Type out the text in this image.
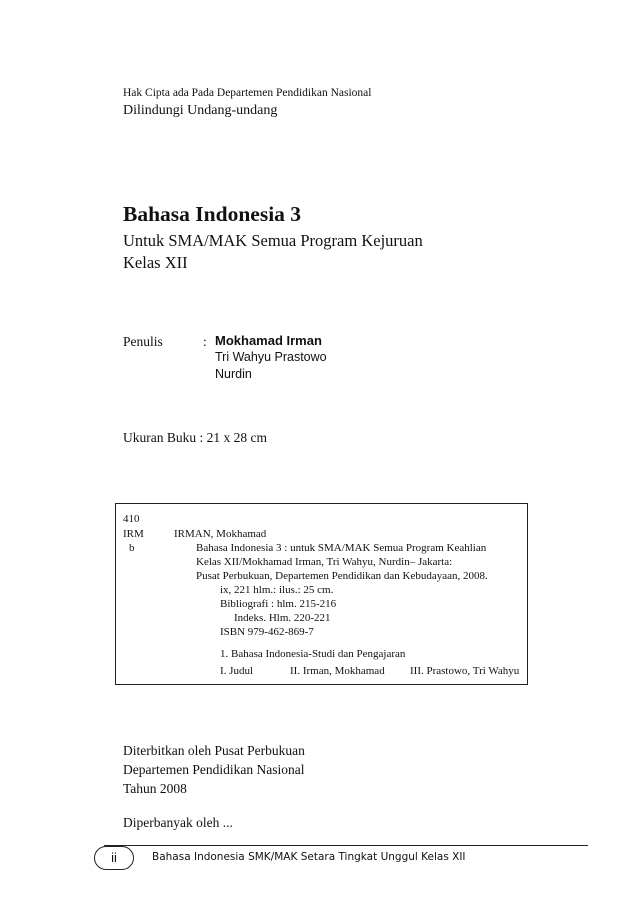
Hak Cipta ada Pada Departemen Pendidikan Nasional
Dilindungi Undang-undang
Bahasa Indonesia 3
Untuk SMA/MAK Semua Program Kejuruan
Kelas XII
Penulis	: Mokhamad Irman
Tri Wahyu Prastowo
Nurdin
Ukuran Buku : 21 x 28 cm
410
IRM
b
IRMAN, Mokhamad
Bahasa Indonesia 3 : untuk SMA/MAK Semua Program Keahlian
Kelas XII/Mokhamad Irman, Tri Wahyu, Nurdin– Jakarta:
Pusat Perbukuan, Departemen Pendidikan dan Kebudayaan, 2008.
ix, 221 hlm.: ilus.: 25 cm.
Bibliografi : hlm. 215-216
Indeks. Hlm. 220-221
ISBN 979-462-869-7
1. Bahasa Indonesia-Studi dan Pengajaran
I. Judul	II. Irman, Mokhamad III. Prastowo, Tri Wahyu
Diterbitkan oleh Pusat Perbukuan
Departemen Pendidikan Nasional
Tahun 2008
Diperbanyak oleh ...
ii	Bahasa Indonesia SMK/MAK Setara Tingkat Unggul Kelas XII
